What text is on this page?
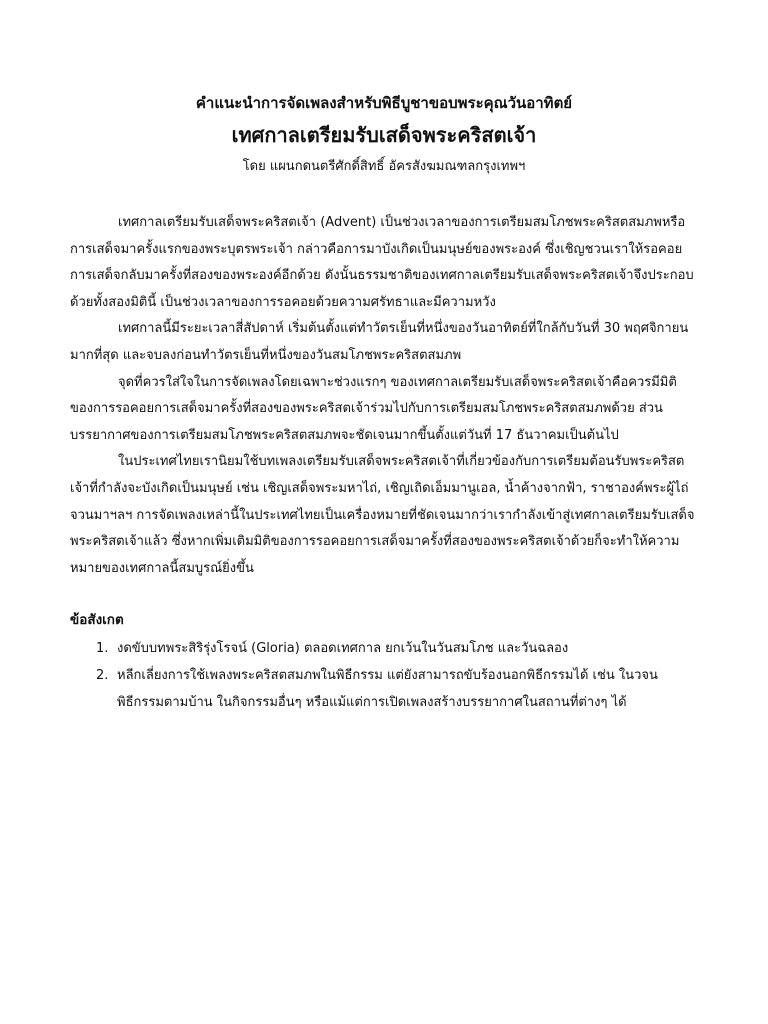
คำแนะนำการจัดเพลงสำหรับพิธีบูชาขอบพระคุณวันอาทิตย์

เทศกาลเตรียมรับเสด็จพระคริสตเจ้า

โดย แผนกดนตรีศักดิ์สิทธิ์ อัครสังฆมณฑลกรุงเทพฯ

เทศกาลเตรียมรับเสด็จพระคริสตเจ้า (Advent) เป็นช่วงเวลาของการเตรียมสมโภชพระคริสตสมภพหรือการเสด็จมาครั้งแรกของพระบุตรพระเจ้า กล่าวคือการมาบังเกิดเป็นมนุษย์ของพระองค์ ซึ่งเชิญชวนเราให้รอคอยการเสด็จกลับมาครั้งที่สองของพระองค์อีกด้วย ดังนั้นธรรมชาติของเทศกาลเตรียมรับเสด็จพระคริสตเจ้าจึงประกอบด้วยทั้งสองมิตินี้ เป็นช่วงเวลาของการรอคอยด้วยความศรัทธาและมีความหวัง

เทศกาลนี้มีระยะเวลาสี่สัปดาห์ เริ่มต้นตั้งแต่ทำวัตรเย็นที่หนึ่งของวันอาทิตย์ที่ใกล้กับวันที่ 30 พฤศจิกายนมากที่สุด และจบลงก่อนทำวัตรเย็นที่หนึ่งของวันสมโภชพระคริสตสมภพ

จุดที่ควรใส่ใจในการจัดเพลงโดยเฉพาะช่วงแรกๆ ของเทศกาลเตรียมรับเสด็จพระคริสตเจ้าคือควรมีมิติของการรอคอยการเสด็จมาครั้งที่สองของพระคริสตเจ้าร่วมไปกับการเตรียมสมโภชพระคริสตสมภพด้วย ส่วนบรรยากาศของการเตรียมสมโภชพระคริสตสมภพจะชัดเจนมากขึ้นตั้งแต่วันที่ 17 ธันวาคมเป็นต้นไป

ในประเทศไทยเรานิยมใช้บทเพลงเตรียมรับเสด็จพระคริสตเจ้าที่เกี่ยวข้องกับการเตรียมต้อนรับพระคริสตเจ้าที่กำลังจะบังเกิดเป็นมนุษย์ เช่น เชิญเสด็จพระมหาไถ่, เชิญเถิดเอ็มมานูเอล, น้ำค้างจากฟ้า, ราชาองค์พระผู้ไถ่จวนมาฯลฯ การจัดเพลงเหล่านี้ในประเทศไทยเป็นเครื่องหมายที่ชัดเจนมากว่าเรากำลังเข้าสู่เทศกาลเตรียมรับเสด็จพระคริสตเจ้าแล้ว ซึ่งหากเพิ่มเติมมิติของการรอคอยการเสด็จมาครั้งที่สองของพระคริสตเจ้าด้วยก็จะทำให้ความหมายของเทศกาลนี้สมบูรณ์ยิ่งขึ้น

ข้อสังเกต

1. งดขับบทพระสิริรุ่งโรจน์ (Gloria) ตลอดเทศกาล ยกเว้นในวันสมโภช และวันฉลอง
2. หลีกเลี่ยงการใช้เพลงพระคริสตสมภพในพิธีกรรม แต่ยังสามารถขับร้องนอกพิธีกรรมได้ เช่น ในวจนพิธีกรรมตามบ้าน ในกิจกรรมอื่นๆ หรือแม้แต่การเปิดเพลงสร้างบรรยากาศในสถานที่ต่างๆ ได้
